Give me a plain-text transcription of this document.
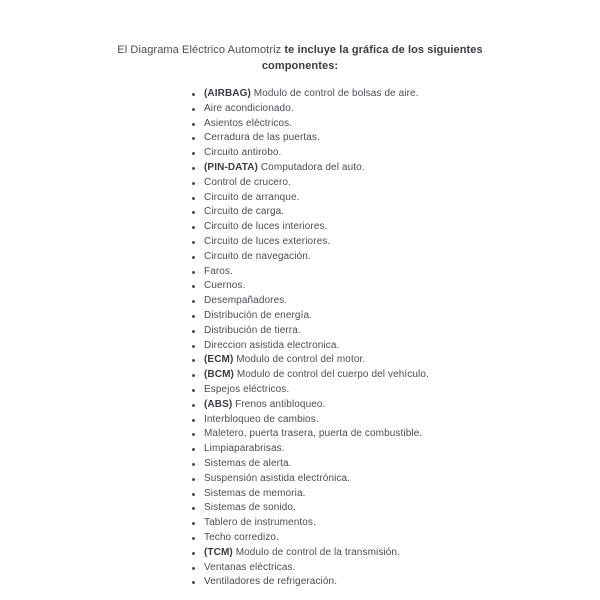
El Diagrama Eléctrico Automotriz te incluye la gráfica de los siguientes
componentes:
(AIRBAG) Modulo de control de bolsas de aire.
Aire acondicionado.
Asientos eléctricos.
Cerradura de las puertas.
Circuito antirobo.
(PIN-DATA) Computadora del auto.
Control de crucero.
Circuito de arranque.
Circuito de carga.
Circuito de luces interiores.
Circuito de luces exteriores.
Circuito de navegación.
Faros.
Cuernos.
Desempañadores.
Distribución de energía.
Distribución de tierra.
Direccion asistida electronica.
(ECM) Modulo de control del motor.
(BCM) Modulo de control del cuerpo del vehículo.
Espejos eléctricos.
(ABS) Frenos antibloqueo.
Interbloqueo de cambios.
Maletero, puerta trasera, puerta de combustible.
Limpiaparabrisas.
Sistemas de alerta.
Suspensión asistida electrónica.
Sistemas de memoria.
Sistemas de sonido.
Tablero de instrumentos.
Techo corredizo.
(TCM) Modulo de control de la transmisión.
Ventanas eléctricas.
Ventiladores de refrigeración.
